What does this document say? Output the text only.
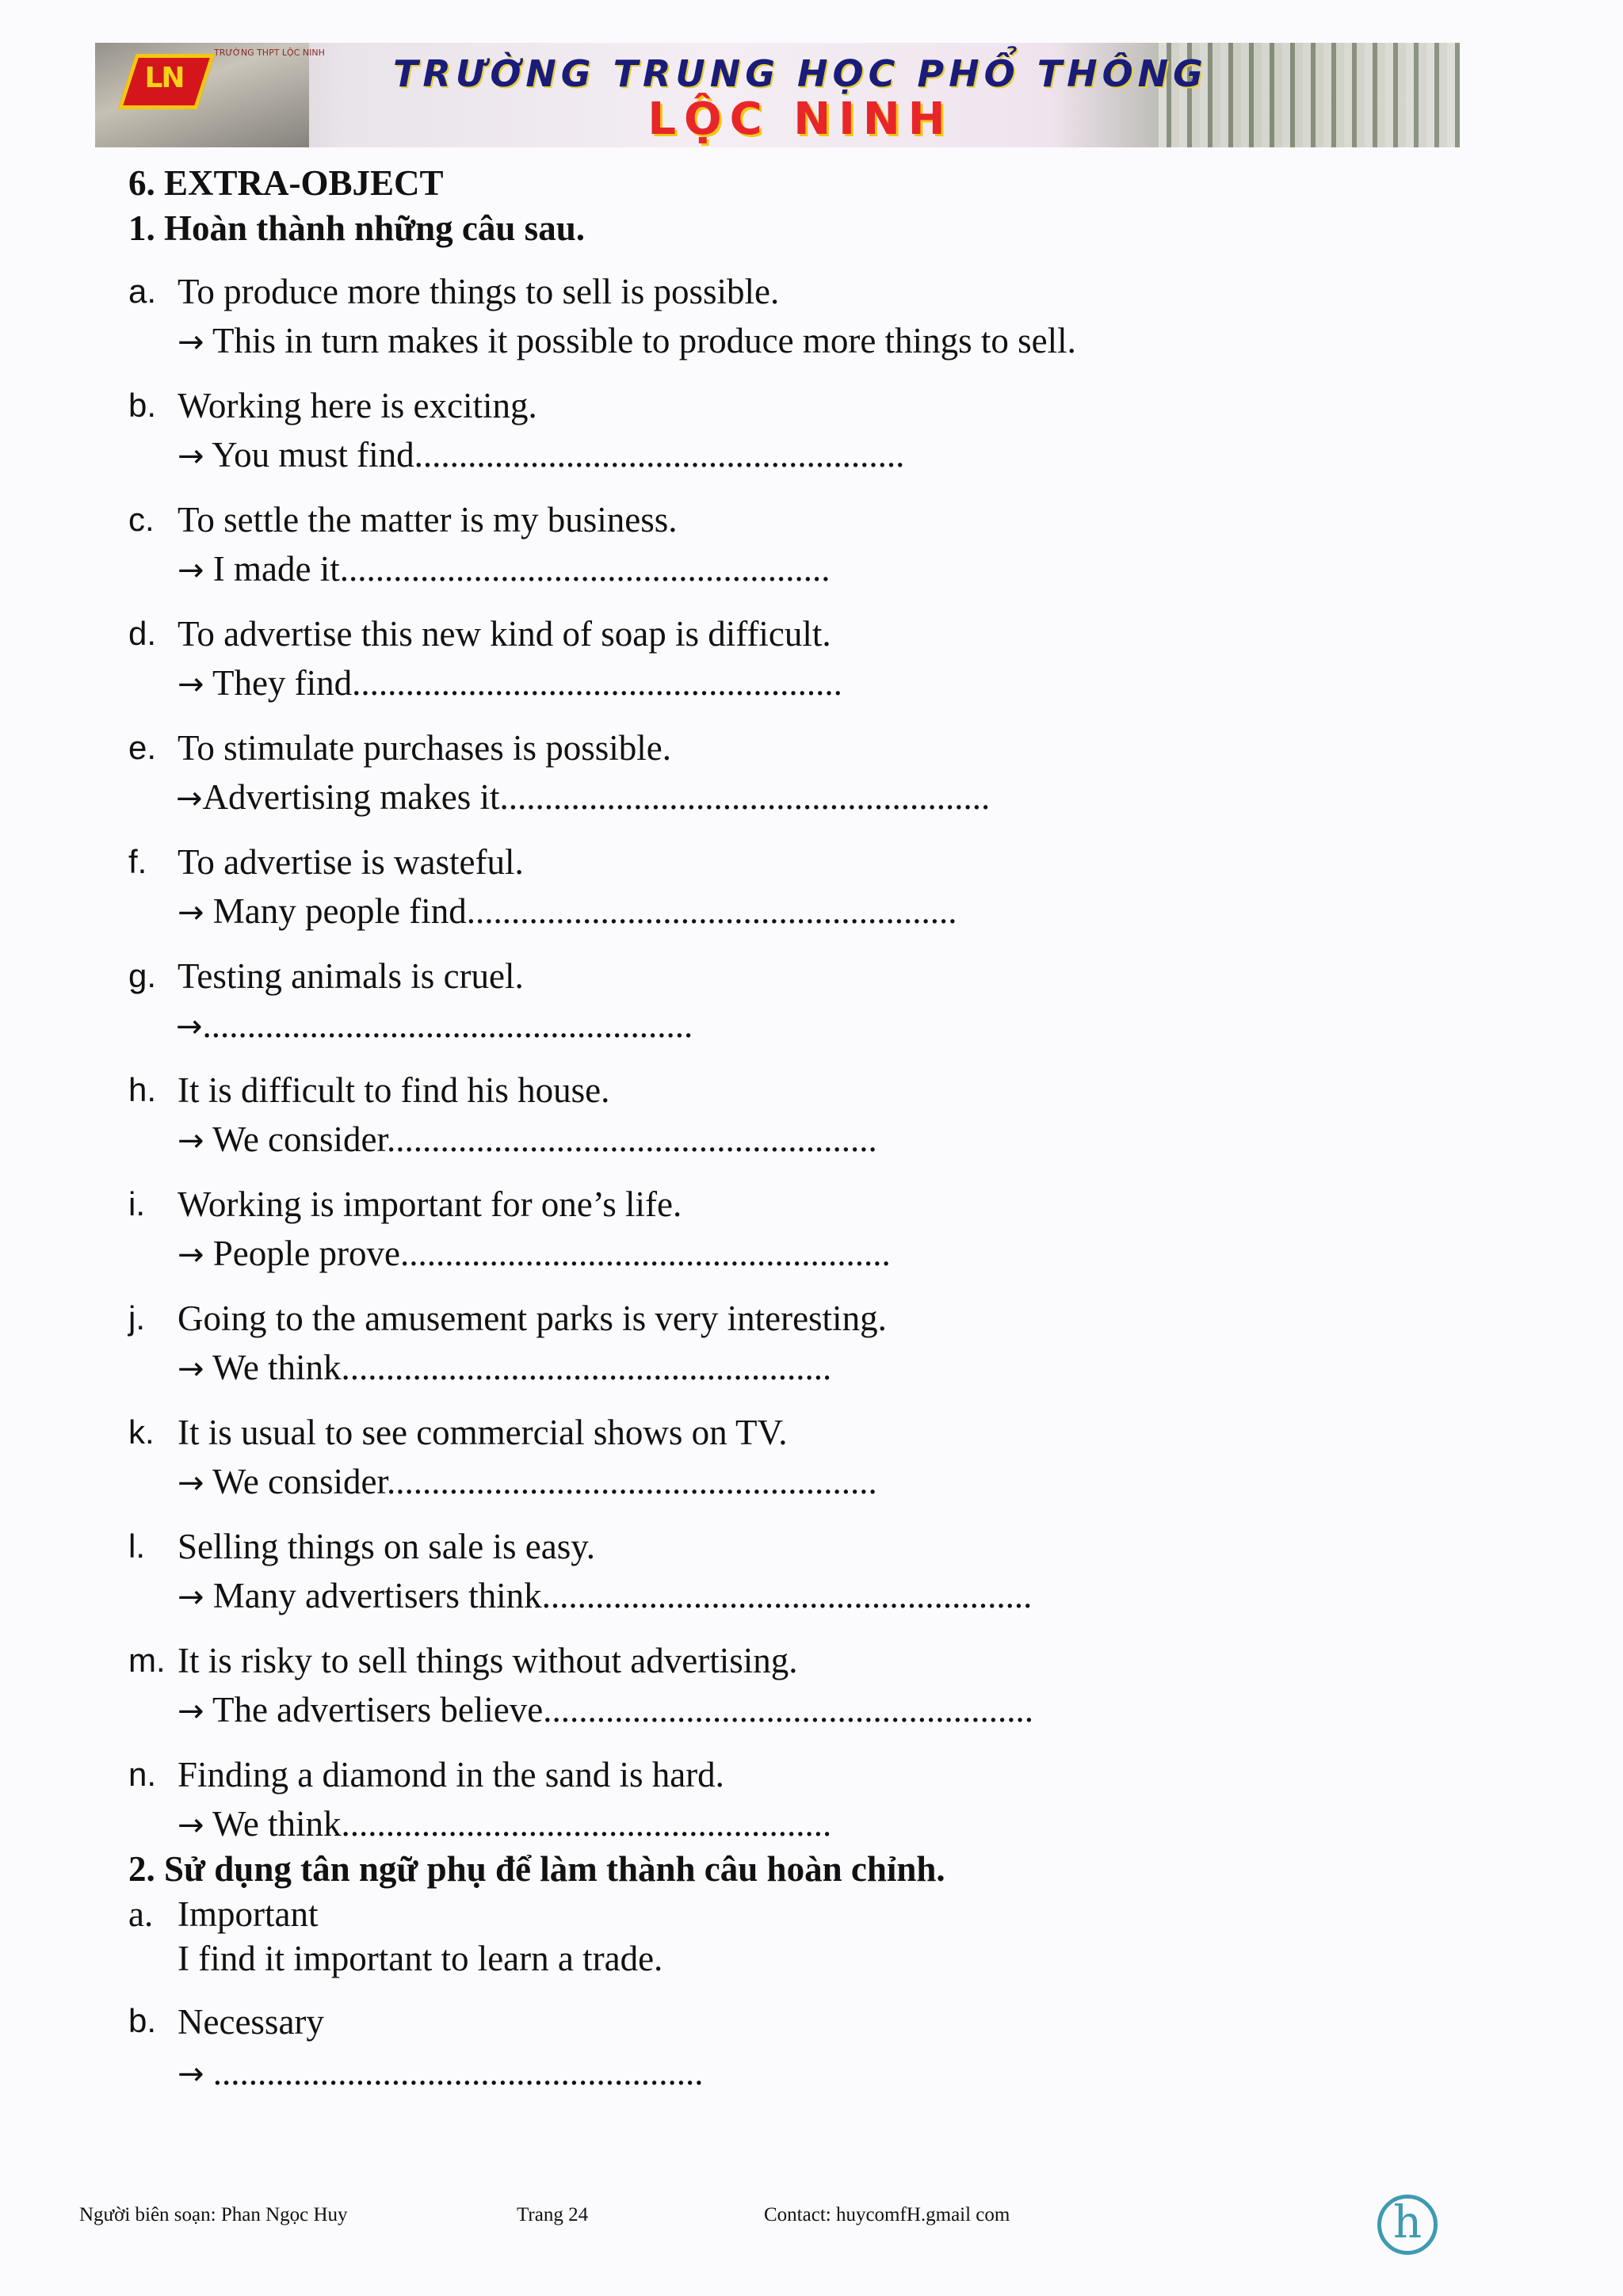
LN
TRƯỜNG THPT LỘC NINH	TRƯỜNG TRUNG HỌC PHỔ THÔNG
LỘC NINH
6. EXTRA-OBJECT
1. Hoàn thành những câu sau.
a. To produce more things to sell is possible.
→ This in turn makes it possible to produce more things to sell.
b. Working here is exciting.
→ You must find.......................................................
c. To settle the matter is my business.
→ I made it.......................................................
d. To advertise this new kind of soap is difficult.
→ They find.......................................................
e. To stimulate purchases is possible.
→Advertising makes it.......................................................
f. To advertise is wasteful.
→ Many people find.......................................................
g. Testing animals is cruel.
→.......................................................
h. It is difficult to find his house.
→ We consider.......................................................
i. Working is important for one’s life.
→ People prove.......................................................
j. Going to the amusement parks is very interesting.
→ We think.......................................................
k. It is usual to see commercial shows on TV.
→ We consider.......................................................
l. Selling things on sale is easy.
→ Many advertisers think.......................................................
m. It is risky to sell things without advertising.
→ The advertisers believe.......................................................
n. Finding a diamond in the sand is hard.
→ We think.......................................................
2. Sử dụng tân ngữ phụ để làm thành câu hoàn chỉnh.
a. Important
I find it important to learn a trade.
b. Necessary
→ .......................................................
Người biên soạn: Phan Ngọc Huy	Trang 24	Contact: huycomfH.gmail com	h
